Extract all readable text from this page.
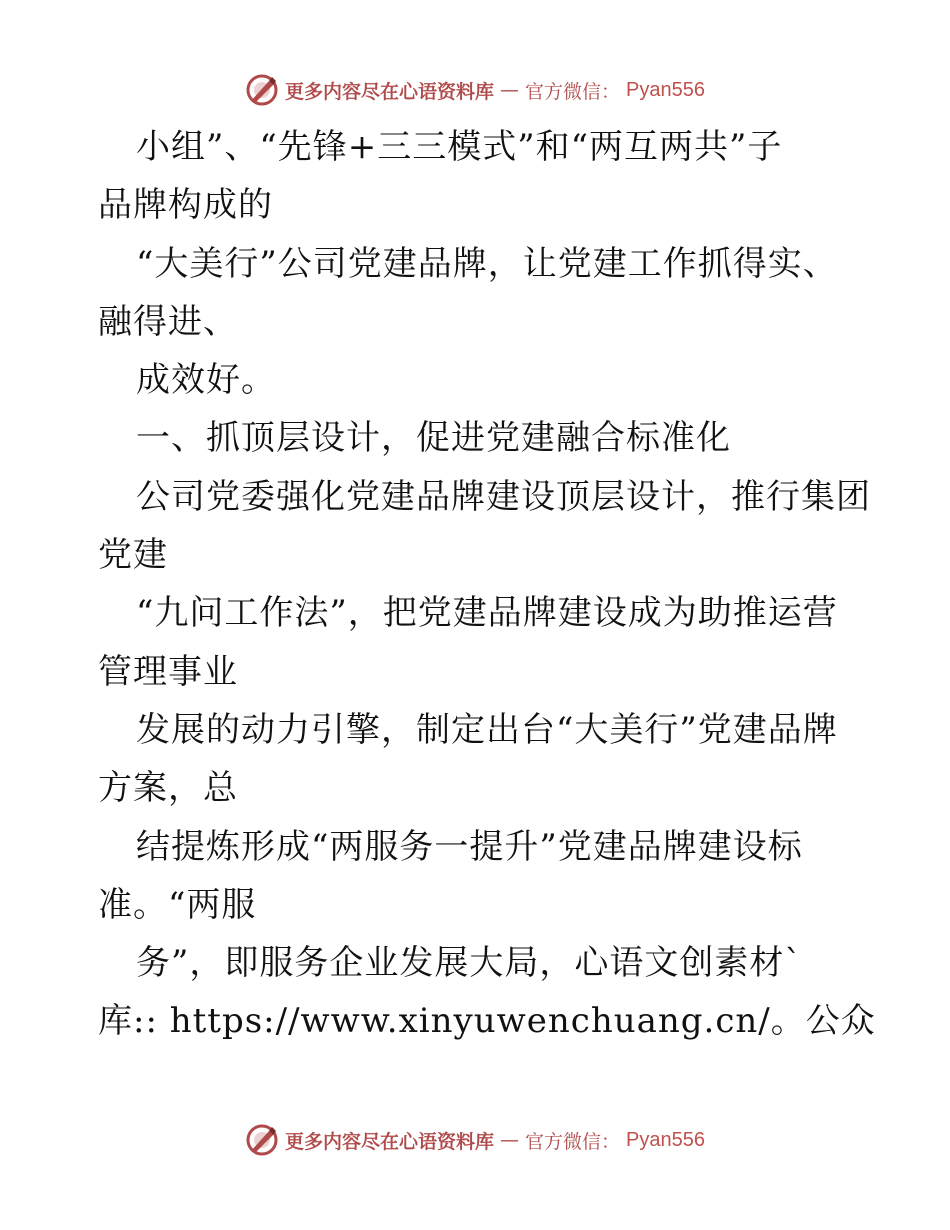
更多内容尽在心语资料库 — 官方微信： Pyan556
小组”、“先锋+三三模式”和“两互两共”子
品牌构成的
“大美行”公司党建品牌，让党建工作抓得实、
融得进、
成效好。
一、抓顶层设计，促进党建融合标准化
公司党委强化党建品牌建设顶层设计，推行集团
党建
“九问工作法”，把党建品牌建设成为助推运营
管理事业
发展的动力引擎，制定出台“大美行”党建品牌
方案，总
结提炼形成“两服务一提升”党建品牌建设标
准。“两服
务”，即服务企业发展大局，心语文创素材`
库:: https://www.xinyuwenchuang.cn/。公众
更多内容尽在心语资料库 — 官方微信： Pyan556
